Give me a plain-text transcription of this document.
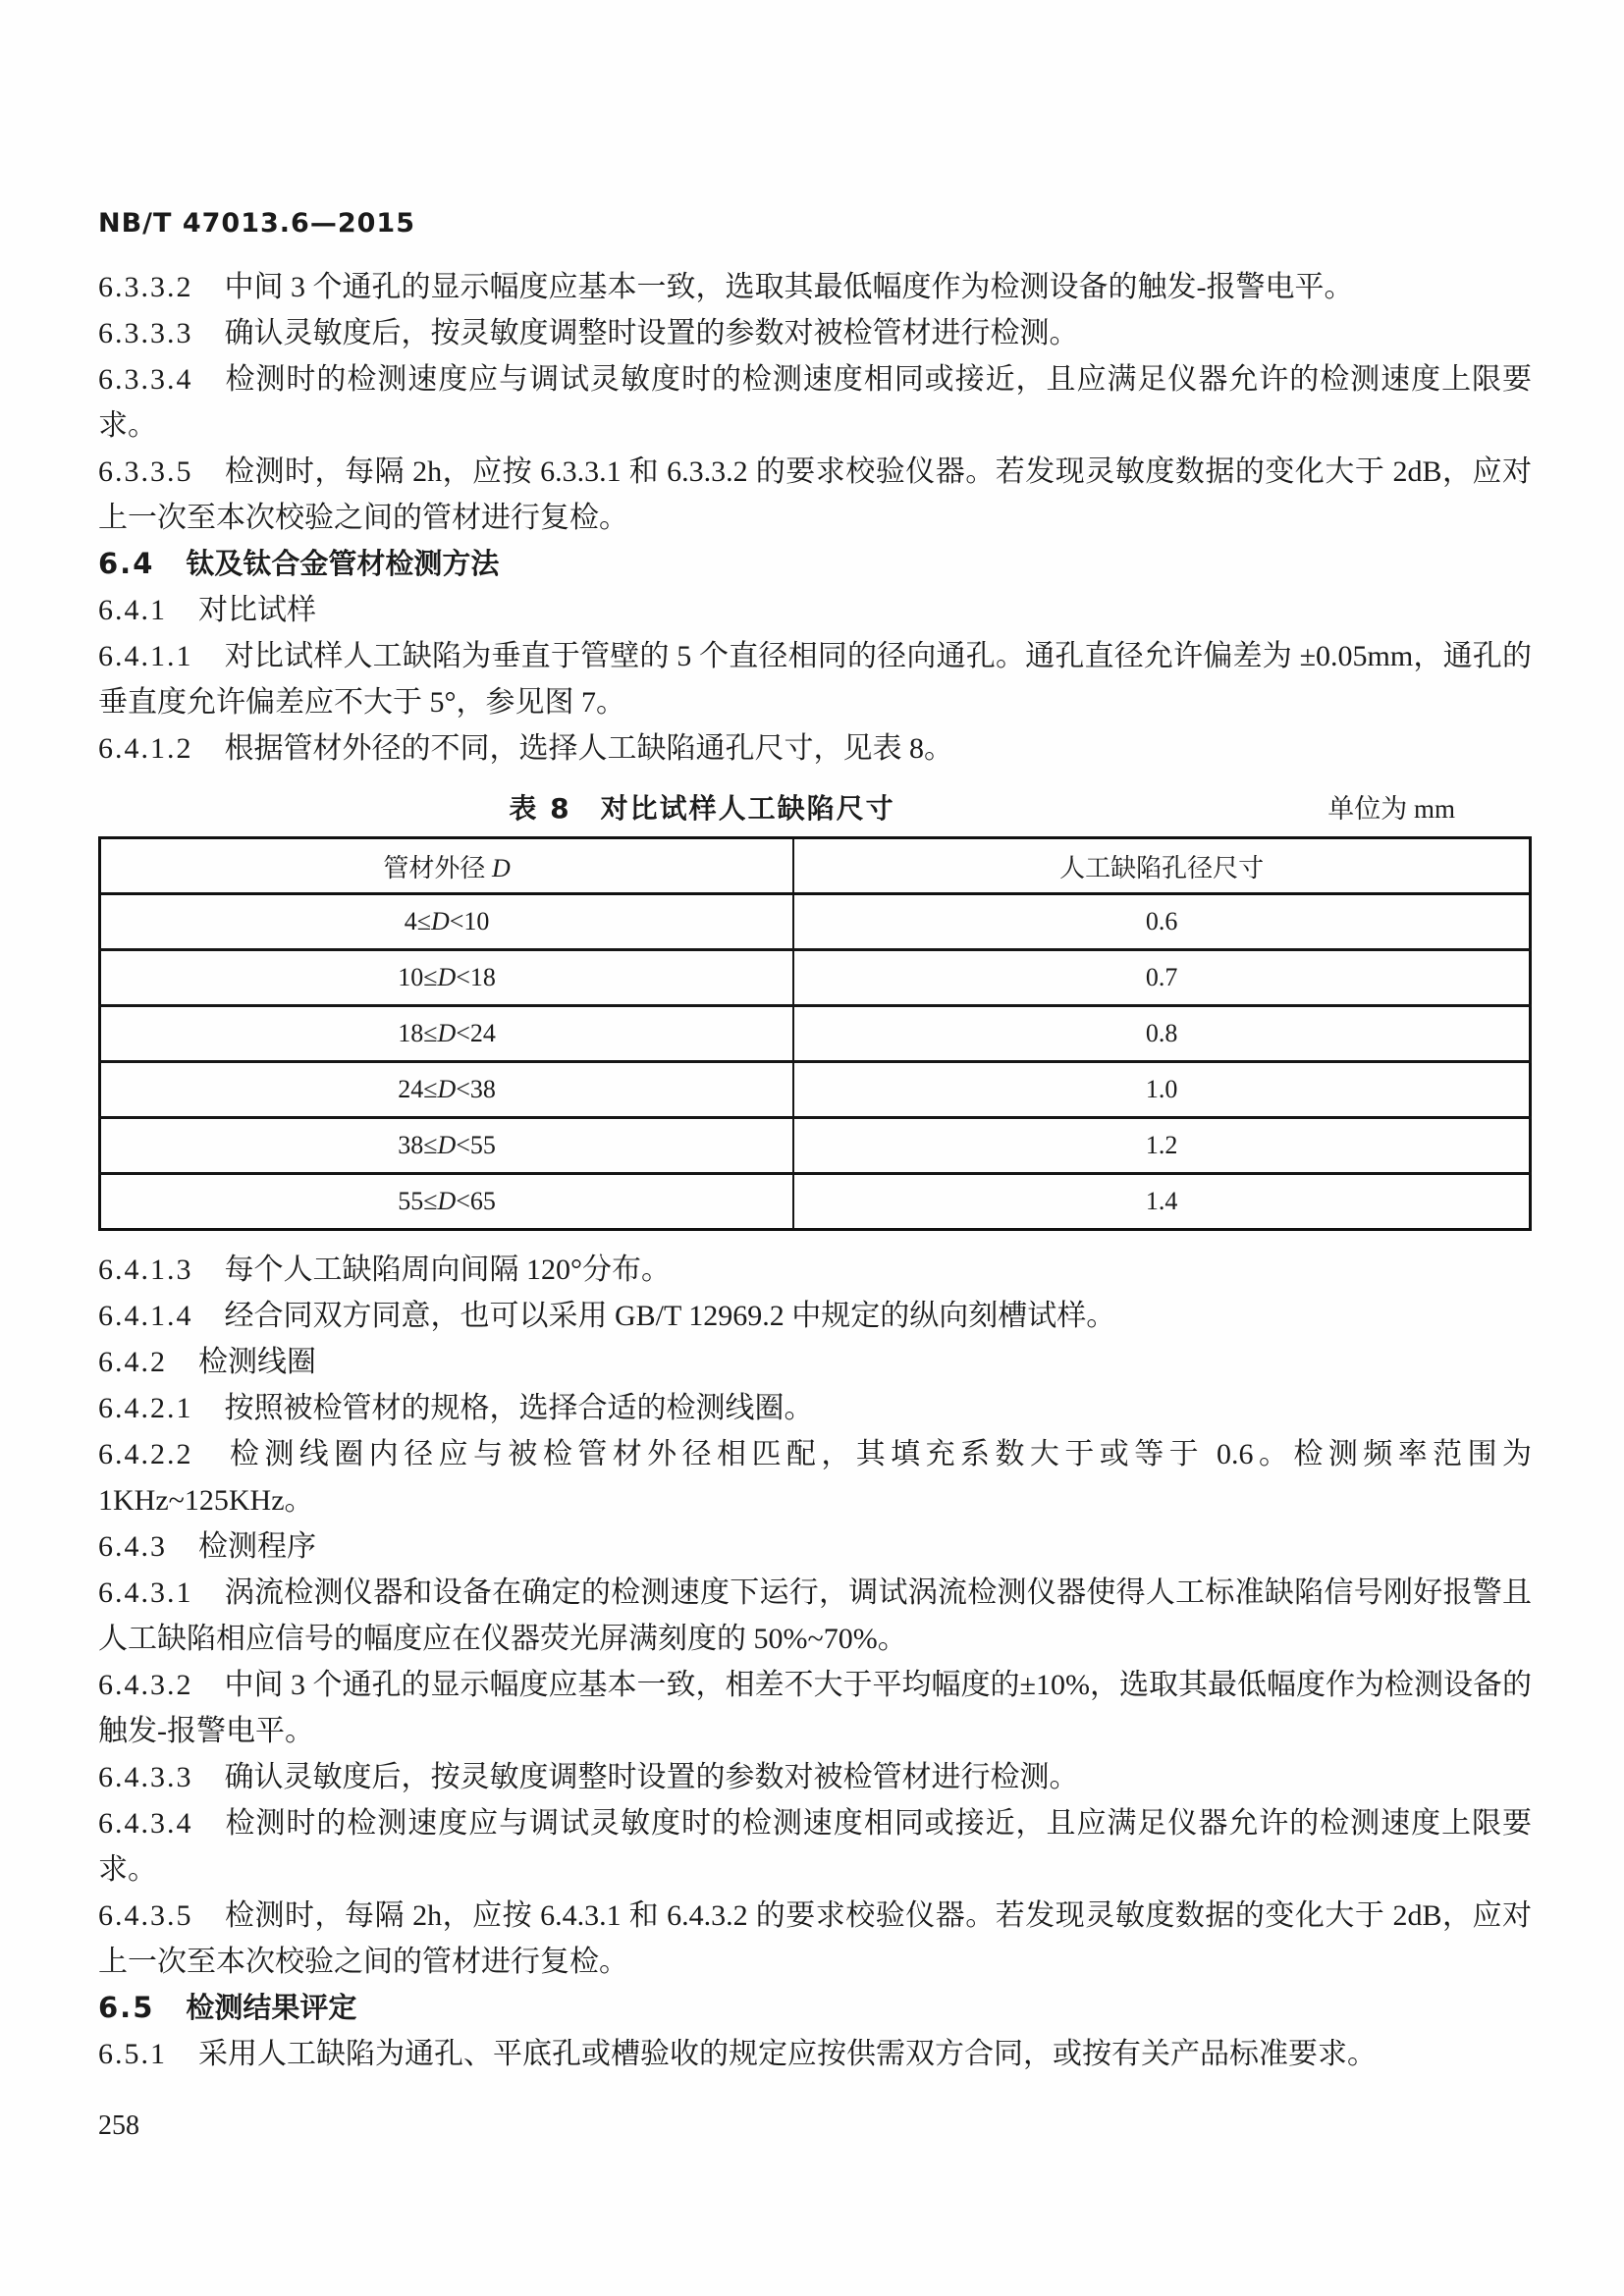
NB/T 47013.6—2015

6.3.3.2 中间 3 个通孔的显示幅度应基本一致，选取其最低幅度作为检测设备的触发-报警电平。

6.3.3.3 确认灵敏度后，按灵敏度调整时设置的参数对被检管材进行检测。

6.3.3.4 检测时的检测速度应与调试灵敏度时的检测速度相同或接近，且应满足仪器允许的检测速度上限要求。

6.3.3.5 检测时，每隔 2h，应按 6.3.3.1 和 6.3.3.2 的要求校验仪器。若发现灵敏度数据的变化大于 2dB，应对上一次至本次校验之间的管材进行复检。

6.4 钛及钛合金管材检测方法

6.4.1 对比试样

6.4.1.1 对比试样人工缺陷为垂直于管壁的 5 个直径相同的径向通孔。通孔直径允许偏差为 ±0.05mm，通孔的垂直度允许偏差应不大于 5°，参见图 7。

6.4.1.2 根据管材外径的不同，选择人工缺陷通孔尺寸，见表 8。

表 8　对比试样人工缺陷尺寸	单位为 mm
管材外径 D	人工缺陷孔径尺寸
4≤D<10	0.6
10≤D<18	0.7
18≤D<24	0.8
24≤D<38	1.0
38≤D<55	1.2
55≤D<65	1.4

6.4.1.3 每个人工缺陷周向间隔 120°分布。

6.4.1.4 经合同双方同意，也可以采用 GB/T 12969.2 中规定的纵向刻槽试样。

6.4.2 检测线圈

6.4.2.1 按照被检管材的规格，选择合适的检测线圈。

6.4.2.2 检测线圈内径应与被检管材外径相匹配，其填充系数大于或等于 0.6。检测频率范围为 1KHz~125KHz。

6.4.3 检测程序

6.4.3.1 涡流检测仪器和设备在确定的检测速度下运行，调试涡流检测仪器使得人工标准缺陷信号刚好报警且人工缺陷相应信号的幅度应在仪器荧光屏满刻度的 50%~70%。

6.4.3.2 中间 3 个通孔的显示幅度应基本一致，相差不大于平均幅度的±10%，选取其最低幅度作为检测设备的触发-报警电平。

6.4.3.3 确认灵敏度后，按灵敏度调整时设置的参数对被检管材进行检测。

6.4.3.4 检测时的检测速度应与调试灵敏度时的检测速度相同或接近，且应满足仪器允许的检测速度上限要求。

6.4.3.5 检测时，每隔 2h，应按 6.4.3.1 和 6.4.3.2 的要求校验仪器。若发现灵敏度数据的变化大于 2dB，应对上一次至本次校验之间的管材进行复检。

6.5 检测结果评定

6.5.1 采用人工缺陷为通孔、平底孔或槽验收的规定应按供需双方合同，或按有关产品标准要求。

258
